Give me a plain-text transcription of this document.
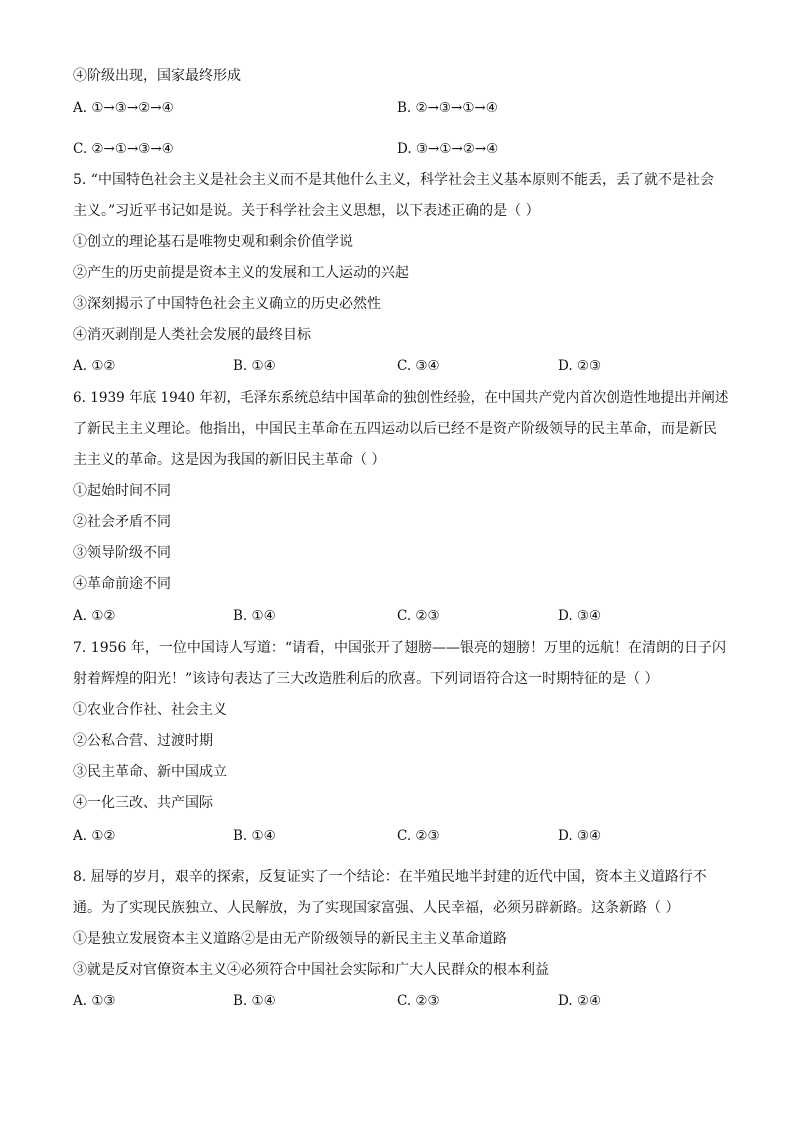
④阶级出现，国家最终形成
A. ①→③→②→④	B. ②→③→①→④
C. ②→①→③→④	D. ③→①→②→④
5. “中国特色社会主义是社会主义而不是其他什么主义，科学社会主义基本原则不能丢，丢了就不是社会
主义。”习近平书记如是说。关于科学社会主义思想，以下表述正确的是（ ）
①创立的理论基石是唯物史观和剩余价值学说
②产生的历史前提是资本主义的发展和工人运动的兴起
③深刻揭示了中国特色社会主义确立的历史必然性
④消灭剥削是人类社会发展的最终目标
A. ①②	B. ①④	C. ③④	D. ②③
6. 1939 年底 1940 年初，毛泽东系统总结中国革命的独创性经验，在中国共产党内首次创造性地提出并阐述
了新民主主义理论。他指出，中国民主革命在五四运动以后已经不是资产阶级领导的民主革命，而是新民
主主义的革命。这是因为我国的新旧民主革命（ ）
①起始时间不同
②社会矛盾不同
③领导阶级不同
④革命前途不同
A. ①②	B. ①④	C. ②③	D. ③④
7. 1956 年，一位中国诗人写道：“请看，中国张开了翅膀——银亮的翅膀！万里的远航！在清朗的日子闪
射着辉煌的阳光！”该诗句表达了三大改造胜利后的欣喜。下列词语符合这一时期特征的是（ ）
①农业合作社、社会主义
②公私合营、过渡时期
③民主革命、新中国成立
④一化三改、共产国际
A. ①②	B. ①④	C. ②③	D. ③④
8. 屈辱的岁月，艰辛的探索，反复证实了一个结论：在半殖民地半封建的近代中国，资本主义道路行不
通。为了实现民族独立、人民解放，为了实现国家富强、人民幸福，必须另辟新路。这条新路（ ）
①是独立发展资本主义道路②是由无产阶级领导的新民主主义革命道路
③就是反对官僚资本主义④必须符合中国社会实际和广大人民群众的根本利益
A. ①③	B. ①④	C. ②③	D. ②④
